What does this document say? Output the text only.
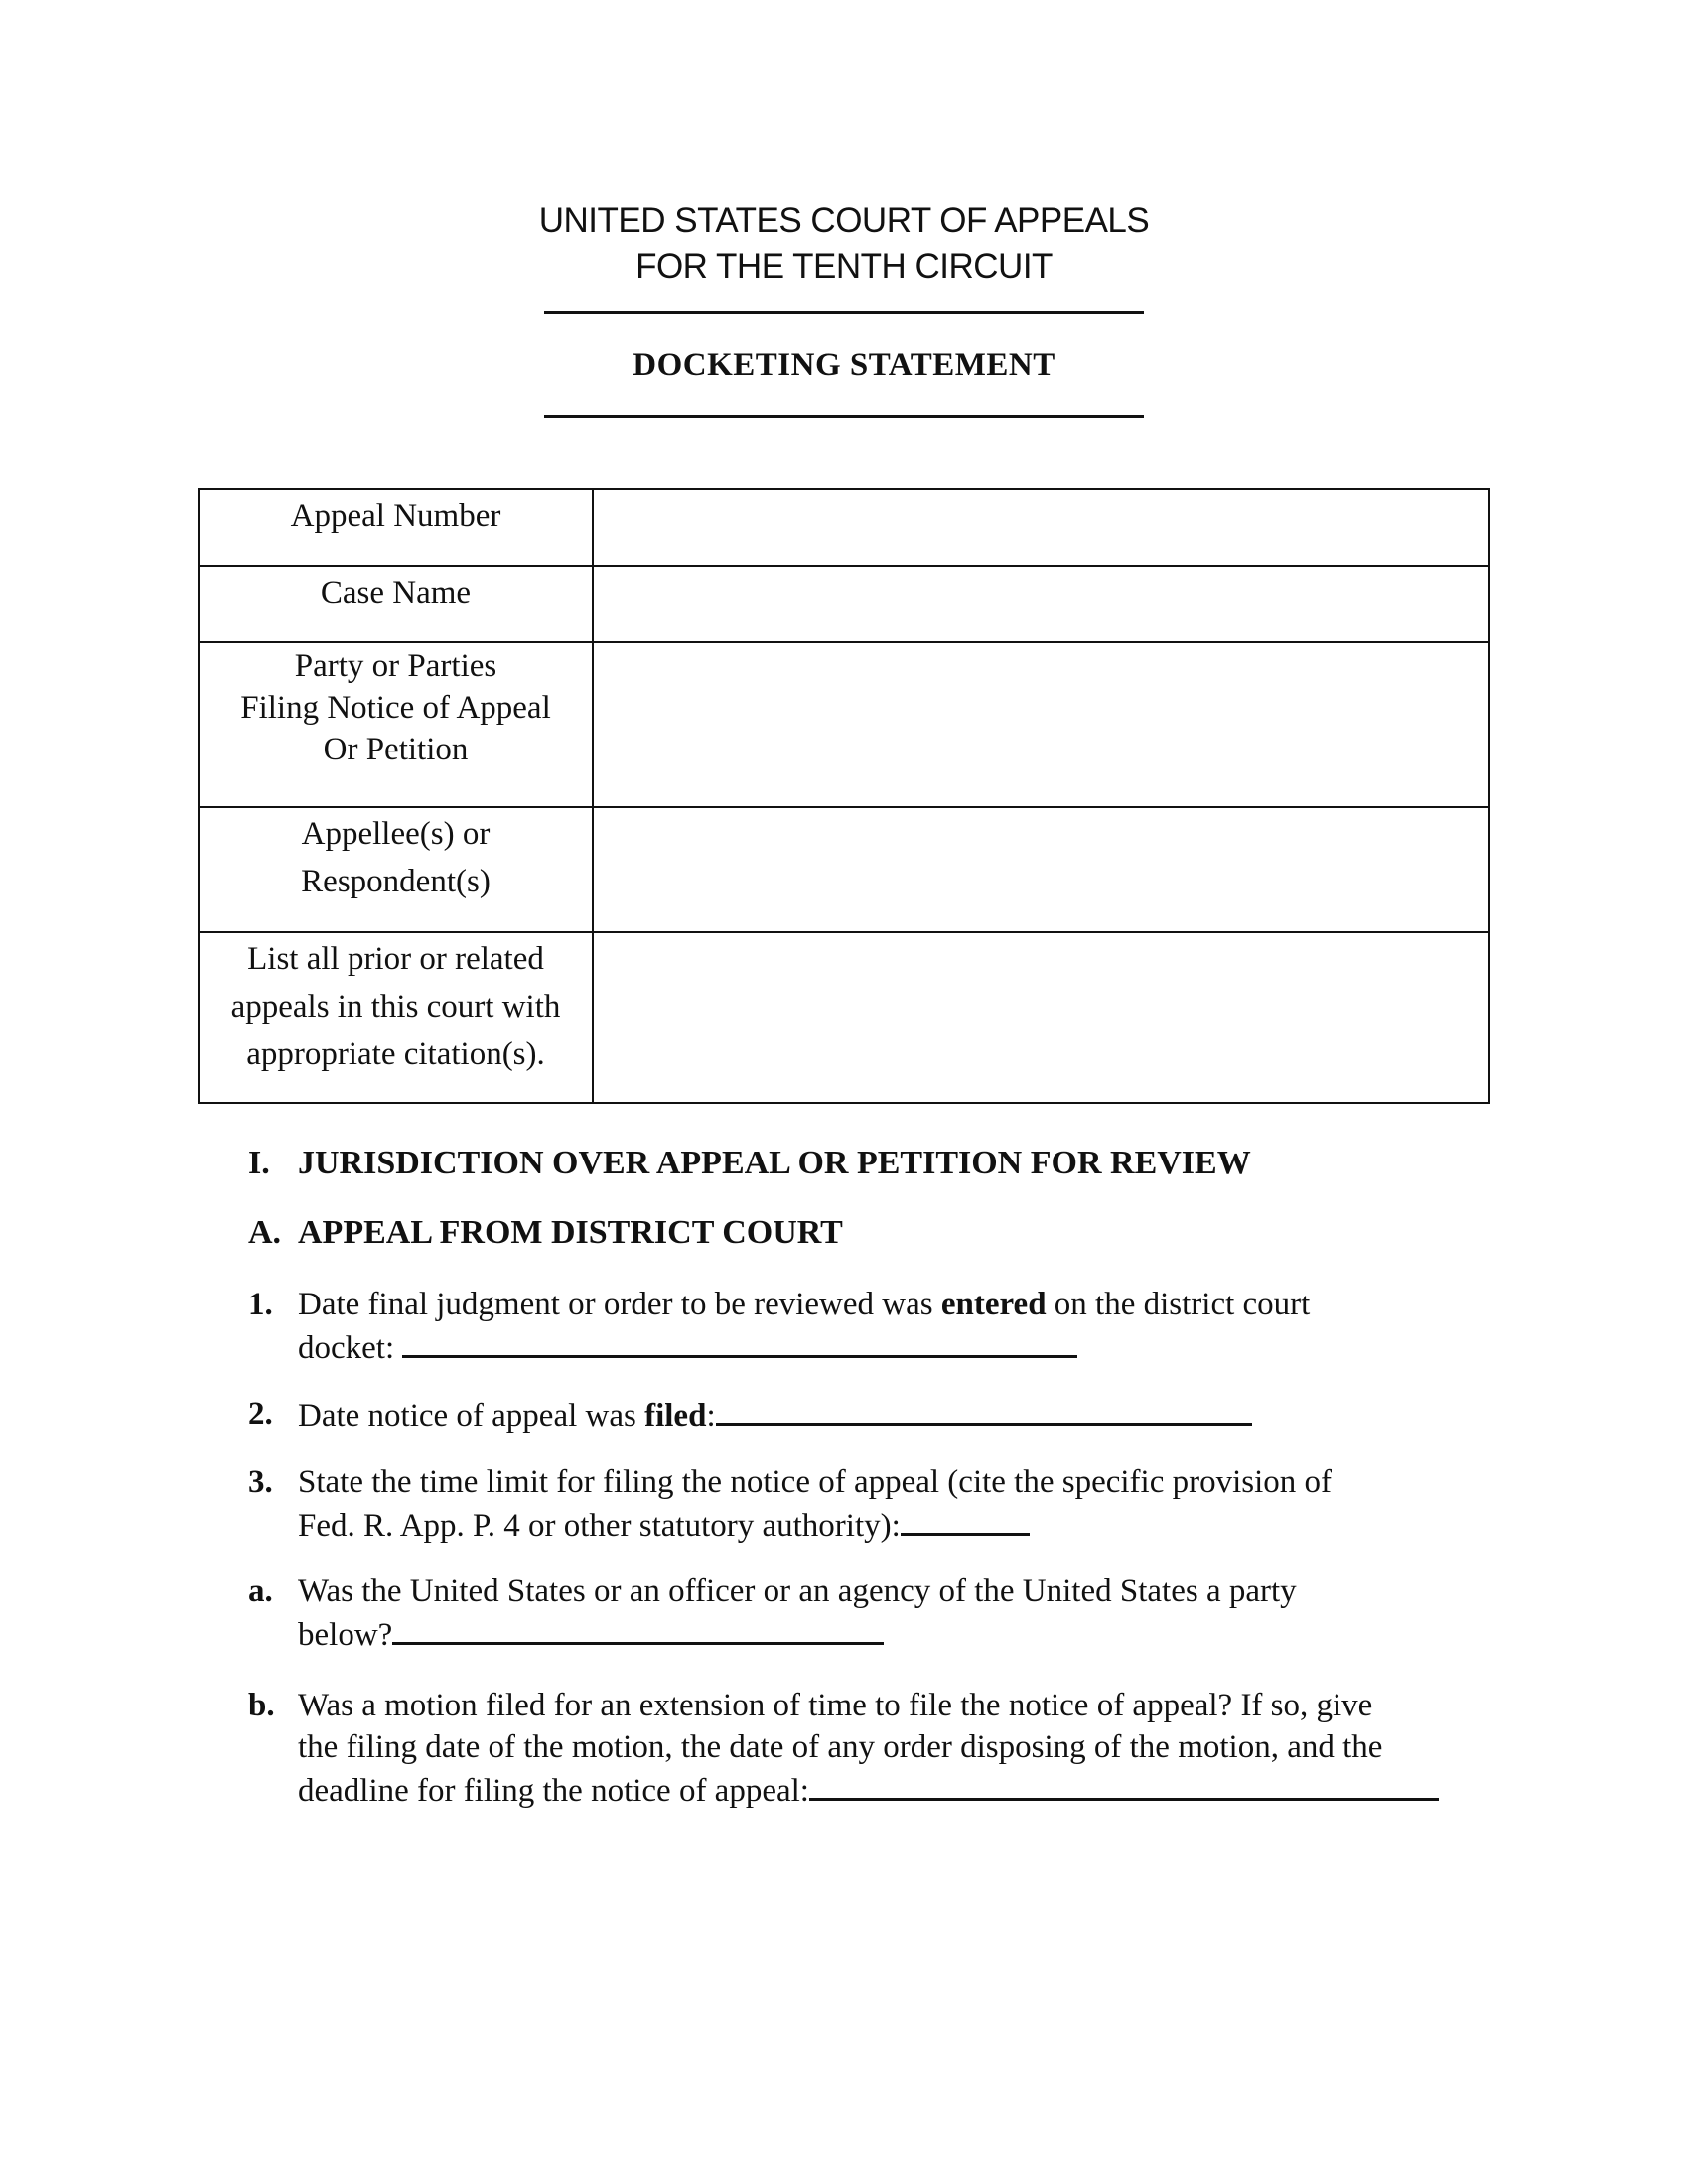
UNITED STATES COURT OF APPEALS
FOR THE TENTH CIRCUIT
DOCKETING STATEMENT
Appeal Number

Case Name

Party or Parties
Filing Notice of Appeal
Or Petition

Appellee(s) or
Respondent(s)

List all prior or related
appeals in this court with
appropriate citation(s).

I. JURISDICTION OVER APPEAL OR PETITION FOR REVIEW
A. APPEAL FROM DISTRICT COURT
1. Date final judgment or order to be reviewed was entered on the district court
docket:
2. Date notice of appeal was filed:
3. State the time limit for filing the notice of appeal (cite the specific provision of
Fed. R. App. P. 4 or other statutory authority):
a. Was the United States or an officer or an agency of the United States a party
below?
b. Was a motion filed for an extension of time to file the notice of appeal? If so, give
the filing date of the motion, the date of any order disposing of the motion, and the
deadline for filing the notice of appeal:
